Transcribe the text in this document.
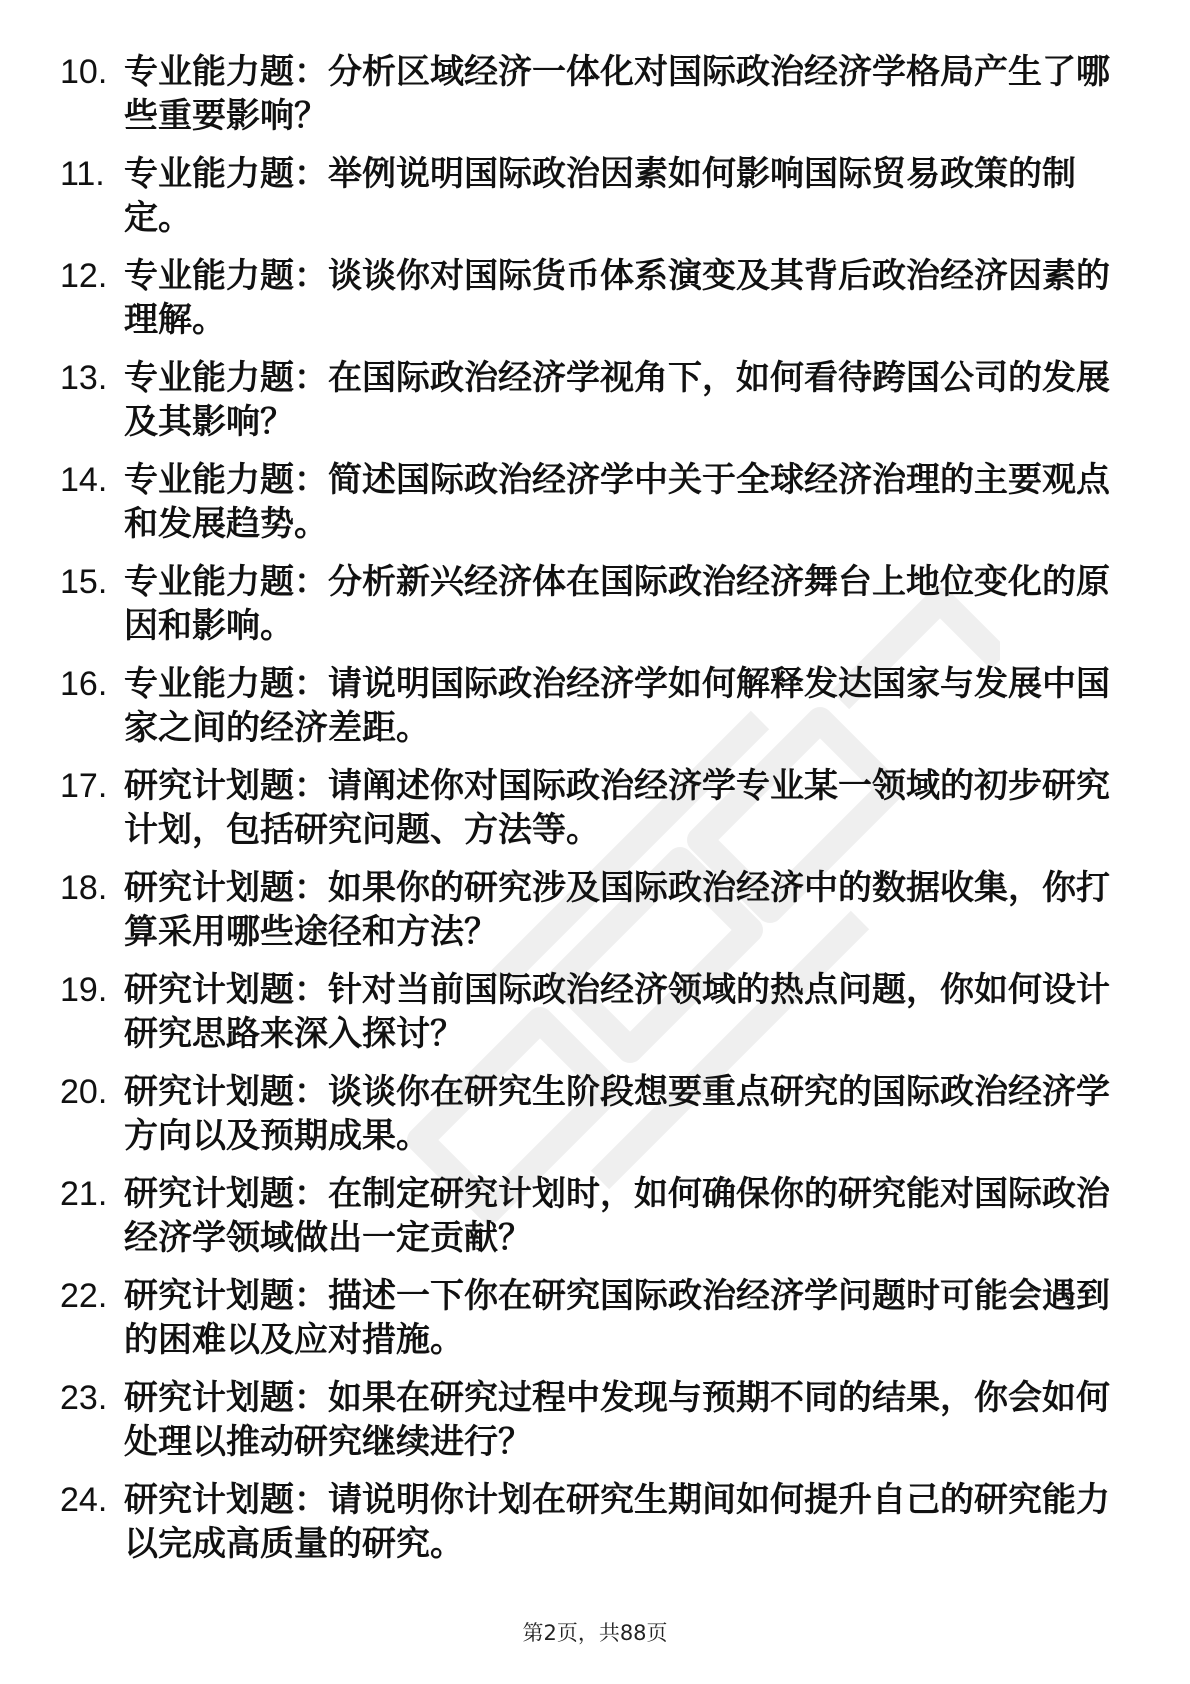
10. 专业能力题：分析区域经济一体化对国际政治经济学格局产生了哪些重要影响？
11. 专业能力题：举例说明国际政治因素如何影响国际贸易政策的制定。
12. 专业能力题：谈谈你对国际货币体系演变及其背后政治经济因素的理解。
13. 专业能力题：在国际政治经济学视角下，如何看待跨国公司的发展及其影响？
14. 专业能力题：简述国际政治经济学中关于全球经济治理的主要观点和发展趋势。
15. 专业能力题：分析新兴经济体在国际政治经济舞台上地位变化的原因和影响。
16. 专业能力题：请说明国际政治经济学如何解释发达国家与发展中国家之间的经济差距。
17. 研究计划题：请阐述你对国际政治经济学专业某一领域的初步研究计划，包括研究问题、方法等。
18. 研究计划题：如果你的研究涉及国际政治经济中的数据收集，你打算采用哪些途径和方法？
19. 研究计划题：针对当前国际政治经济领域的热点问题，你如何设计研究思路来深入探讨？
20. 研究计划题：谈谈你在研究生阶段想要重点研究的国际政治经济学方向以及预期成果。
21. 研究计划题：在制定研究计划时，如何确保你的研究能对国际政治经济学领域做出一定贡献？
22. 研究计划题：描述一下你在研究国际政治经济学问题时可能会遇到的困难以及应对措施。
23. 研究计划题：如果在研究过程中发现与预期不同的结果，你会如何处理以推动研究继续进行？
24. 研究计划题：请说明你计划在研究生期间如何提升自己的研究能力以完成高质量的研究。
第2页，共88页
